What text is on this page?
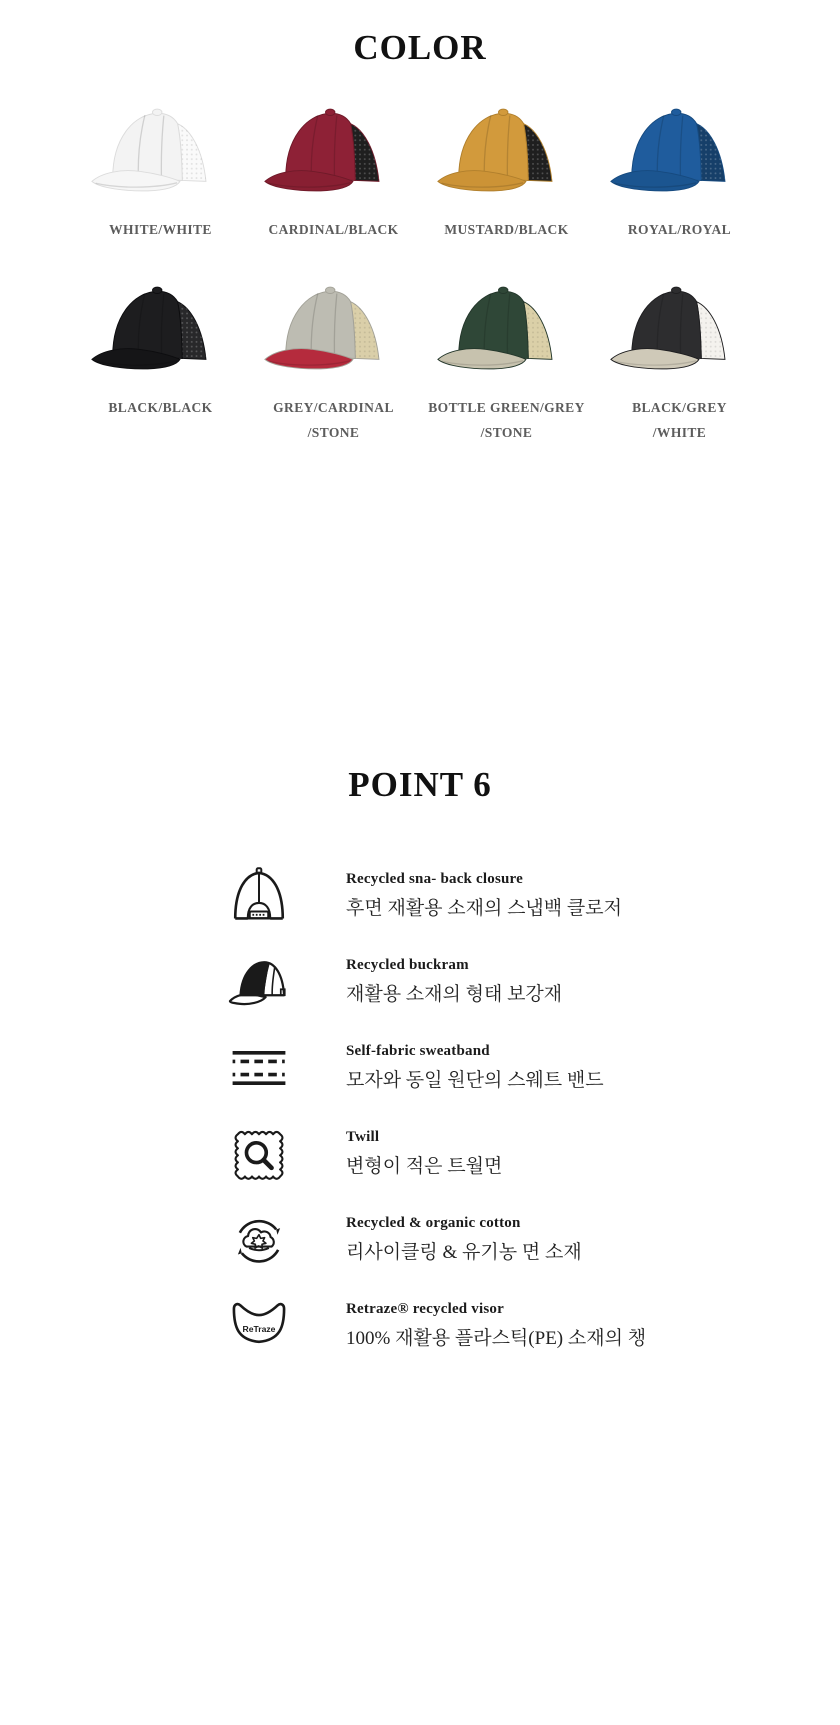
COLOR
WHITE/WHITE	CARDINAL/BLACK	MUSTARD/BLACK	ROYAL/ROYAL
BLACK/BLACK	GREY/CARDINAL
/STONE
BOTTLE GREEN/GREY
/STONE
BLACK/GREY
/WHITE
POINT 6
Recycled sna- back closure
후면 재활용 소재의 스냅백 클로저
Recycled buckram
재활용 소재의 형태 보강재
Self-fabric sweatband
모자와 동일 원단의 스웨트 밴드
Twill
변형이 적은 트월면
Recycled & organic cotton
리사이클링 & 유기농 면 소재
ReTraze
Retraze® recycled visor
100% 재활용 플라스틱(PE) 소재의 챙
